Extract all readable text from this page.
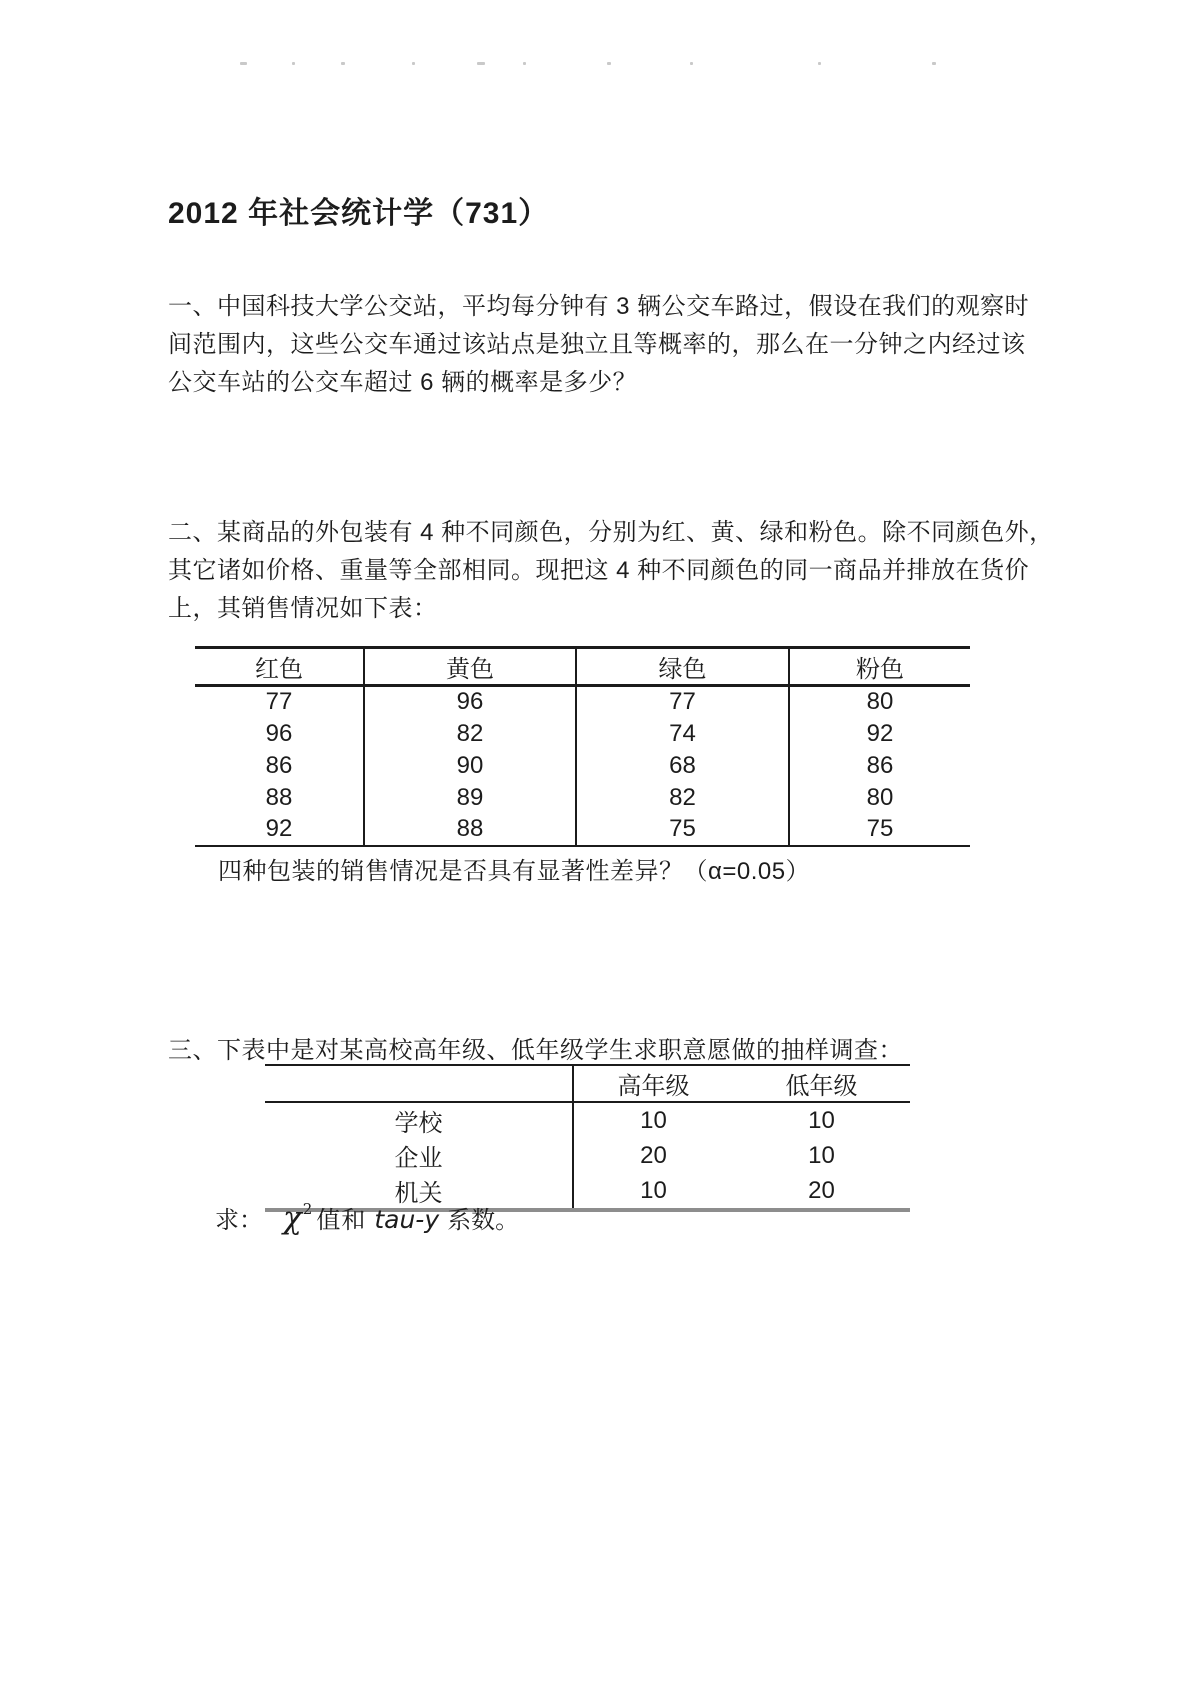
2012 年社会统计学（731）
一、中国科技大学公交站，平均每分钟有 3 辆公交车路过，假设在我们的观察时
间范围内，这些公交车通过该站点是独立且等概率的，那么在一分钟之内经过该
公交车站的公交车超过 6 辆的概率是多少？
二、某商品的外包装有 4 种不同颜色，分别为红、黄、绿和粉色。除不同颜色外，
其它诸如价格、重量等全部相同。现把这 4 种不同颜色的同一商品并排放在货价
上，其销售情况如下表：
红色	黄色	绿色	粉色
77	96	77	80
96	82	74	92
86	90	68	86
88	89	82	80
92	88	75	75
四种包装的销售情况是否具有显著性差异？（α=0.05）
三、下表中是对某高校高年级、低年级学生求职意愿做的抽样调查：
	高年级	低年级
学校	10	10
企业	20	10
机关	10	20
求： $\chi^2$ 值和 tau-y 系数。
